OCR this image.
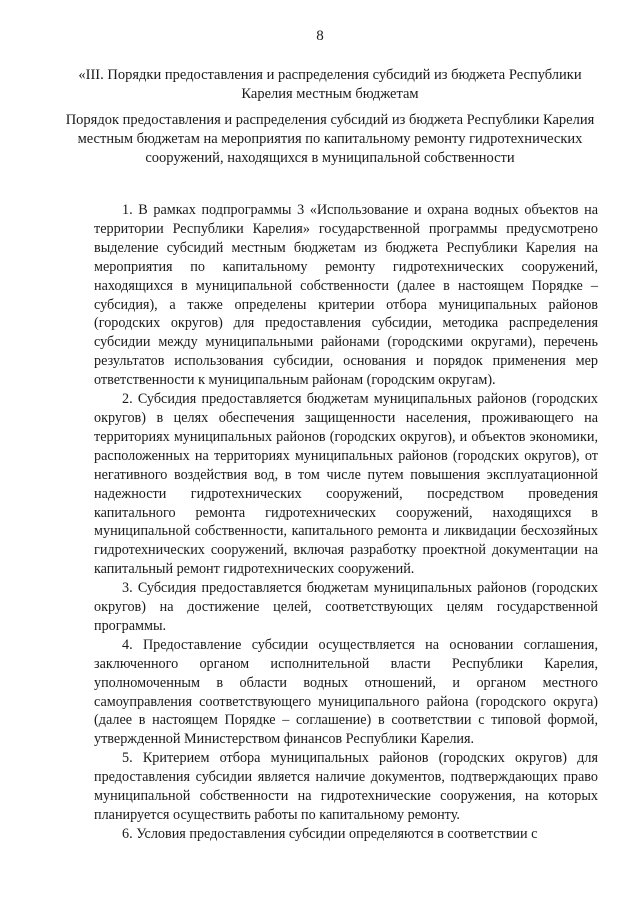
8
«III. Порядки предоставления и распределения субсидий из бюджета Республики Карелия местным бюджетам
Порядок предоставления и распределения субсидий из бюджета Республики Карелия местным бюджетам на мероприятия по капитальному ремонту гидротехнических сооружений, находящихся в муниципальной собственности

1. В рамках подпрограммы 3 «Использование и охрана водных объектов на территории Республики Карелия» государственной программы предусмотрено выделение субсидий местным бюджетам из бюджета Республики Карелия на мероприятия по капитальному ремонту гидротехнических сооружений, находящихся в муниципальной собственности (далее в настоящем Порядке – субсидия), а также определены критерии отбора муниципальных районов (городских округов) для предоставления субсидии, методика распределения субсидии между муниципальными районами (городскими округами), перечень результатов использования субсидии, основания и порядок применения мер ответственности к муниципальным районам (городским округам).

2. Субсидия предоставляется бюджетам муниципальных районов (городских округов) в целях обеспечения защищенности населения, проживающего на территориях муниципальных районов (городских округов), и объектов экономики, расположенных на территориях муниципальных районов (городских округов), от негативного воздействия вод, в том числе путем повышения эксплуатационной надежности гидротехнических сооружений, посредством проведения капитального ремонта гидротехнических сооружений, находящихся в муниципальной собственности, капитального ремонта и ликвидации бесхозяйных гидротехнических сооружений, включая разработку проектной документации на капитальный ремонт гидротехнических сооружений.

3. Субсидия предоставляется бюджетам муниципальных районов (городских округов) на достижение целей, соответствующих целям государственной программы.

4. Предоставление субсидии осуществляется на основании соглашения, заключенного органом исполнительной власти Республики Карелия, уполномоченным в области водных отношений, и органом местного самоуправления соответствующего муниципального района (городского округа) (далее в настоящем Порядке – соглашение) в соответствии с типовой формой, утвержденной Министерством финансов Республики Карелия.

5. Критерием отбора муниципальных районов (городских округов) для предоставления субсидии является наличие документов, подтверждающих право муниципальной собственности на гидротехнические сооружения, на которых планируется осуществить работы по капитальному ремонту.

6. Условия предоставления субсидии определяются в соответствии с
